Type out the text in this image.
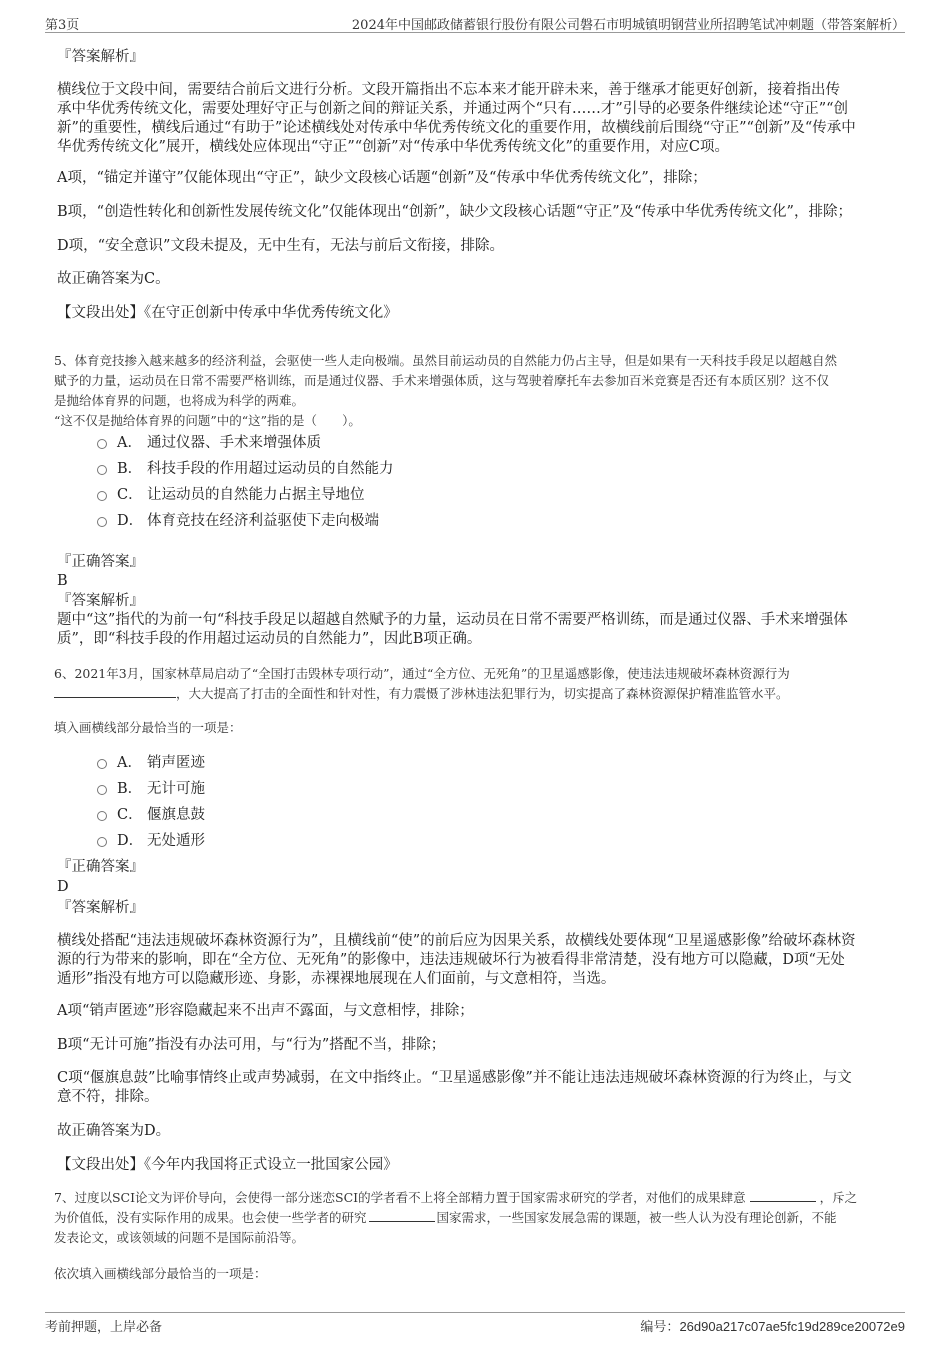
第3页	2024年中国邮政储蓄银行股份有限公司磐石市明城镇明钢营业所招聘笔试冲刺题（带答案解析）
『答案解析』
横线位于文段中间，需要结合前后文进行分析。文段开篇指出不忘本来才能开辟未来，善于继承才能更好创新，接着指出传
承中华优秀传统文化，需要处理好守正与创新之间的辩证关系，并通过两个“只有……才”引导的必要条件继续论述“守正”“创
新”的重要性，横线后通过“有助于”论述横线处对传承中华优秀传统文化的重要作用，故横线前后围绕“守正”“创新”及“传承中
华优秀传统文化”展开，横线处应体现出“守正”“创新”对“传承中华优秀传统文化”的重要作用，对应C项。
A项，“锚定并谨守”仅能体现出“守正”，缺少文段核心话题“创新”及“传承中华优秀传统文化”，排除；
B项，“创造性转化和创新性发展传统文化”仅能体现出“创新”，缺少文段核心话题“守正”及“传承中华优秀传统文化”，排除；
D项，“安全意识”文段未提及，无中生有，无法与前后文衔接，排除。
故正确答案为C。
【文段出处】《在守正创新中传承中华优秀传统文化》
5、体育竞技掺入越来越多的经济利益，会驱使一些人走向极端。虽然目前运动员的自然能力仍占主导，但是如果有一天科技手段足以超越自然
赋予的力量，运动员在日常不需要严格训练，而是通过仪器、手术来增强体质，这与驾驶着摩托车去参加百米竞赛是否还有本质区别？这不仅
是抛给体育界的问题，也将成为科学的两难。
“这不仅是抛给体育界的问题”中的“这”指的是（　　）。
A． 通过仪器、手术来增强体质
B． 科技手段的作用超过运动员的自然能力
C． 让运动员的自然能力占据主导地位
D． 体育竞技在经济利益驱使下走向极端
『正确答案』
B
『答案解析』
题中“这”指代的为前一句“科技手段足以超越自然赋予的力量，运动员在日常不需要严格训练，而是通过仪器、手术来增强体
质”，即“科技手段的作用超过运动员的自然能力”，因此B项正确。
6、2021年3月，国家林草局启动了“全国打击毁林专项行动”，通过“全方位、无死角”的卫星遥感影像，使违法违规破坏森林资源行为
，大大提高了打击的全面性和针对性，有力震慑了涉林违法犯罪行为，切实提高了森林资源保护精准监管水平。
填入画横线部分最恰当的一项是：
A． 销声匿迹
B． 无计可施
C． 偃旗息鼓
D． 无处遁形
『正确答案』
D
『答案解析』
横线处搭配“违法违规破坏森林资源行为”，且横线前“使”的前后应为因果关系，故横线处要体现“卫星遥感影像”给破坏森林资
源的行为带来的影响，即在“全方位、无死角”的影像中，违法违规破坏行为被看得非常清楚，没有地方可以隐藏，D项“无处
遁形”指没有地方可以隐藏形迹、身影，赤裸裸地展现在人们面前，与文意相符，当选。
A项“销声匿迹”形容隐藏起来不出声不露面，与文意相悖，排除；
B项“无计可施”指没有办法可用，与“行为”搭配不当，排除；
C项“偃旗息鼓”比喻事情终止或声势减弱，在文中指终止。“卫星遥感影像”并不能让违法违规破坏森林资源的行为终止，与文
意不符，排除。
故正确答案为D。
【文段出处】《今年内我国将正式设立一批国家公园》
7、过度以SCI论文为评价导向，会使得一部分迷恋SCI的学者看不上将全部精力置于国家需求研究的学者，对他们的成果肆意	，斥之
为价值低，没有实际作用的成果。也会使一些学者的研究	国家需求，一些国家发展急需的课题，被一些人认为没有理论创新，不能
发表论文，或该领域的问题不是国际前沿等。
依次填入画横线部分最恰当的一项是：
考前押题，上岸必备	编号：26d90a217c07ae5fc19d289ce20072e9
